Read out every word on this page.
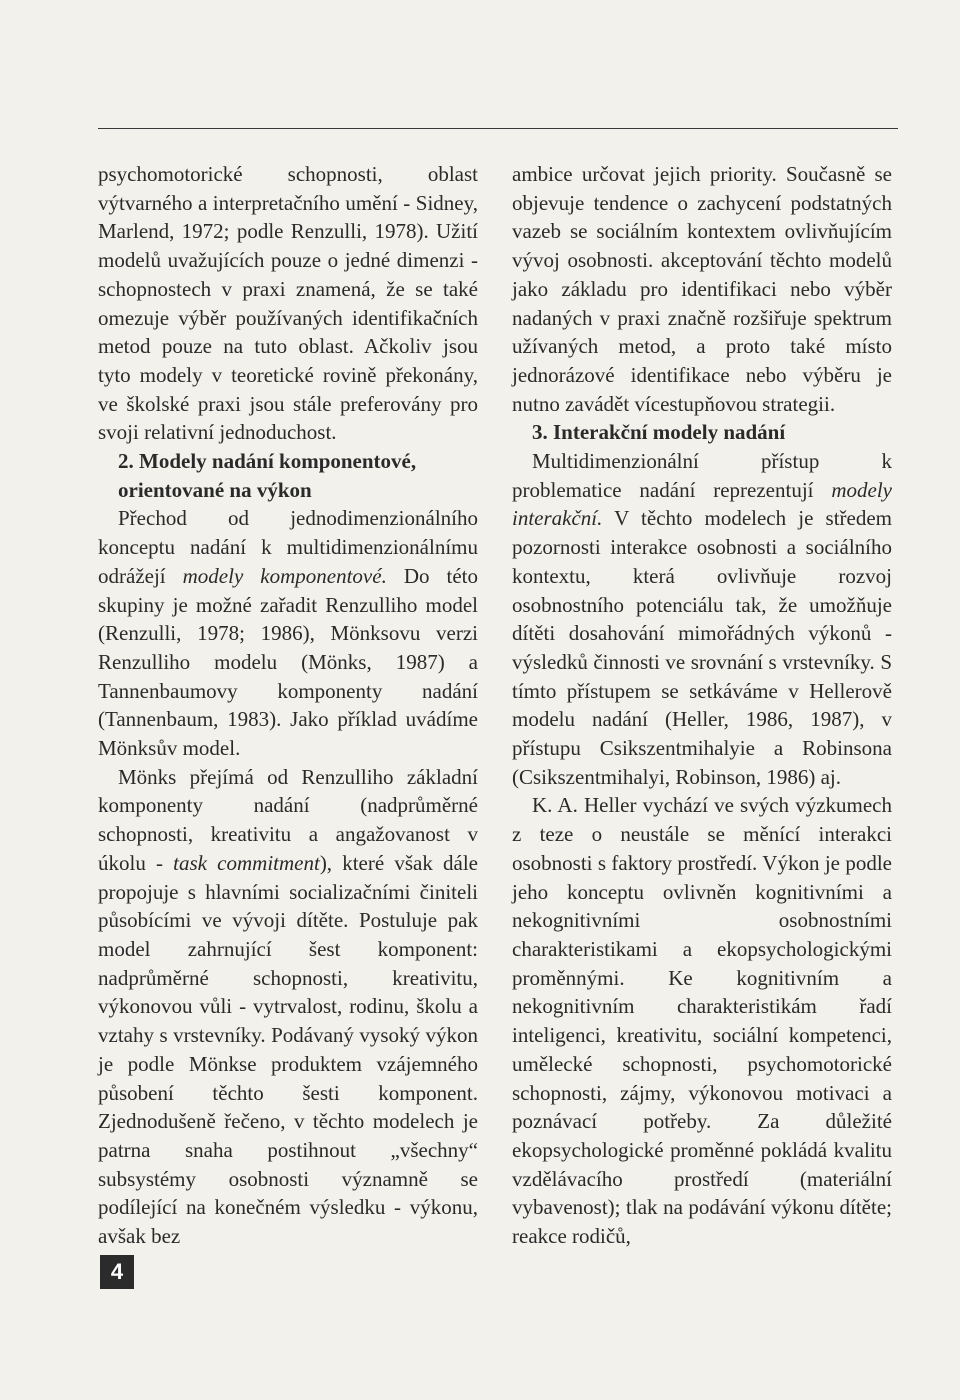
psychomotorické schopnosti, oblast výtvarného a interpretačního umění - Sidney, Marlend, 1972; podle Renzulli, 1978). Užití modelů uvažujících pouze o jedné dimenzi - schopnostech v praxi znamená, že se také omezuje výběr používaných identifikačních metod pouze na tuto oblast. Ačkoliv jsou tyto modely v teoretické rovině překonány, ve školské praxi jsou stále preferovány pro svoji relativní jednoduchost.

2. Modely nadání komponentové,

orientované na výkon

Přechod od jednodimenzionálního konceptu nadání k multidimenzionálnímu odrážejí modely komponentové. Do této skupiny je možné zařadit Renzulliho model (Renzulli, 1978; 1986), Mönksovu verzi Renzulliho modelu (Mönks, 1987) a Tannenbaumovy komponenty nadání (Tannenbaum, 1983). Jako příklad uvádíme Mönksův model.

Mönks přejímá od Renzulliho základní komponenty nadání (nadprůměrné schopnosti, kreativitu a angažovanost v úkolu - task commitment), které však dále propojuje s hlavními socializačními činiteli působícími ve vývoji dítěte. Postuluje pak model zahrnující šest komponent: nadprůměrné schopnosti, kreativitu, výkonovou vůli - vytrvalost, rodinu, školu a vztahy s vrstevníky. Podávaný vysoký výkon je podle Mönkse produktem vzájemného působení těchto šesti komponent. Zjednodušeně řečeno, v těchto modelech je patrna snaha postihnout „všechny“ subsystémy osobnosti významně se podílející na konečném výsledku - výkonu, avšak bez

ambice určovat jejich priority. Současně se objevuje tendence o zachycení podstatných vazeb se sociálním kontextem ovlivňujícím vývoj osobnosti. akceptování těchto modelů jako základu pro identifikaci nebo výběr nadaných v praxi značně rozšiřuje spektrum užívaných metod, a proto také místo jednorázové identifikace nebo výběru je nutno zavádět vícestupňovou strategii.

3. Interakční modely nadání

Multidimenzionální přístup k problematice nadání reprezentují modely interakční. V těchto modelech je středem pozornosti interakce osobnosti a sociálního kontextu, která ovlivňuje rozvoj osobnostního potenciálu tak, že umožňuje dítěti dosahování mimořádných výkonů - výsledků činnosti ve srovnání s vrstevníky. S tímto přístupem se setkáváme v Hellerově modelu nadání (Heller, 1986, 1987), v přístupu Csikszentmihalyie a Robinsona (Csikszentmihalyi, Robinson, 1986) aj.

K. A. Heller vychází ve svých výzkumech z teze o neustále se měnící interakci osobnosti s faktory prostředí. Výkon je podle jeho konceptu ovlivněn kognitivními a nekognitivními osobnostními charakteristikami a ekopsychologickými proměnnými. Ke kognitivním a nekognitivním charakteristikám řadí inteligenci, kreativitu, sociální kompetenci, umělecké schopnosti, psychomotorické schopnosti, zájmy, výkonovou motivaci a poznávací potřeby. Za důležité ekopsychologické proměnné pokládá kvalitu vzdělávacího prostředí (materiální vybavenost); tlak na podávání výkonu dítěte; reakce rodičů,

4
